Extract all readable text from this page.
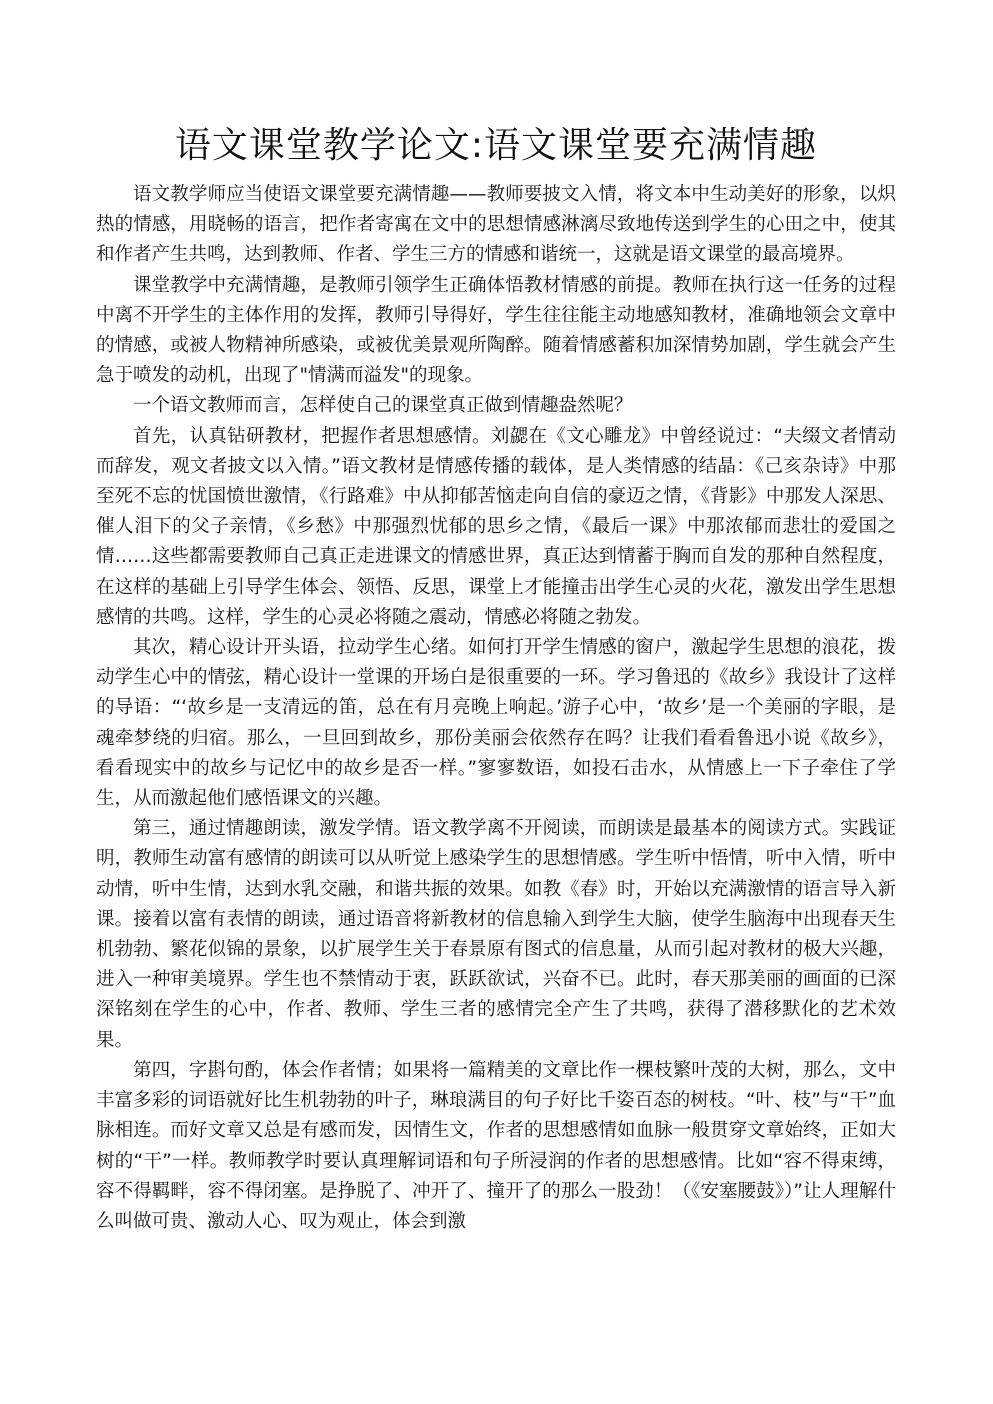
语文课堂教学论文:语文课堂要充满情趣

语文教学师应当使语文课堂要充满情趣——教师要披文入情，将文本中生动美好的形象，以炽热的情感，用晓畅的语言，把作者寄寓在文中的思想情感淋漓尽致地传送到学生的心田之中，使其和作者产生共鸣，达到教师、作者、学生三方的情感和谐统一，这就是语文课堂的最高境界。

课堂教学中充满情趣，是教师引领学生正确体悟教材情感的前提。教师在执行这一任务的过程中离不开学生的主体作用的发挥，教师引导得好，学生往往能主动地感知教材，准确地领会文章中的情感，或被人物精神所感染，或被优美景观所陶醉。随着情感蓄积加深情势加剧，学生就会产生急于喷发的动机，出现了"情满而溢发"的现象。

一个语文教师而言，怎样使自己的课堂真正做到情趣盎然呢？

首先，认真钻研教材，把握作者思想感情。刘勰在《文心雕龙》中曾经说过：“夫缀文者情动而辞发，观文者披文以入情。”语文教材是情感传播的载体，是人类情感的结晶：《己亥杂诗》中那至死不忘的忧国愤世激情，《行路难》中从抑郁苦恼走向自信的豪迈之情，《背影》中那发人深思、催人泪下的父子亲情，《乡愁》中那强烈忧郁的思乡之情，《最后一课》中那浓郁而悲壮的爱国之情……这些都需要教师自己真正走进课文的情感世界，真正达到情蓄于胸而自发的那种自然程度，在这样的基础上引导学生体会、领悟、反思，课堂上才能撞击出学生心灵的火花，激发出学生思想感情的共鸣。这样，学生的心灵必将随之震动，情感必将随之勃发。

其次，精心设计开头语，拉动学生心绪。如何打开学生情感的窗户，激起学生思想的浪花，拨动学生心中的情弦，精心设计一堂课的开场白是很重要的一环。学习鲁迅的《故乡》我设计了这样的导语：“‘故乡是一支清远的笛，总在有月亮晚上响起。’游子心中，‘故乡’是一个美丽的字眼，是魂牵梦绕的归宿。那么，一旦回到故乡，那份美丽会依然存在吗？让我们看看鲁迅小说《故乡》，看看现实中的故乡与记忆中的故乡是否一样。”寥寥数语，如投石击水，从情感上一下子牵住了学生，从而激起他们感悟课文的兴趣。

第三，通过情趣朗读，激发学情。语文教学离不开阅读，而朗读是最基本的阅读方式。实践证明，教师生动富有感情的朗读可以从听觉上感染学生的思想情感。学生听中悟情，听中入情，听中动情，听中生情，达到水乳交融，和谐共振的效果。如教《春》时，开始以充满激情的语言导入新课。接着以富有表情的朗读，通过语音将新教材的信息输入到学生大脑，使学生脑海中出现春天生机勃勃、繁花似锦的景象，以扩展学生关于春景原有图式的信息量，从而引起对教材的极大兴趣，进入一种审美境界。学生也不禁情动于衷，跃跃欲试，兴奋不已。此时，春天那美丽的画面的已深深铭刻在学生的心中，作者、教师、学生三者的感情完全产生了共鸣，获得了潜移默化的艺术效果。

第四，字斟句酌，体会作者情；如果将一篇精美的文章比作一棵枝繁叶茂的大树，那么，文中丰富多彩的词语就好比生机勃勃的叶子，琳琅满目的句子好比千姿百态的树枝。“叶、枝”与“干”血脉相连。而好文章又总是有感而发，因情生文，作者的思想感情如血脉一般贯穿文章始终，正如大树的“干”一样。教师教学时要认真理解词语和句子所浸润的作者的思想感情。比如“容不得束缚，容不得羁畔，容不得闭塞。是挣脱了、冲开了、撞开了的那么一股劲！（《安塞腰鼓》）”让人理解什么叫做可贵、激动人心、叹为观止，体会到激
